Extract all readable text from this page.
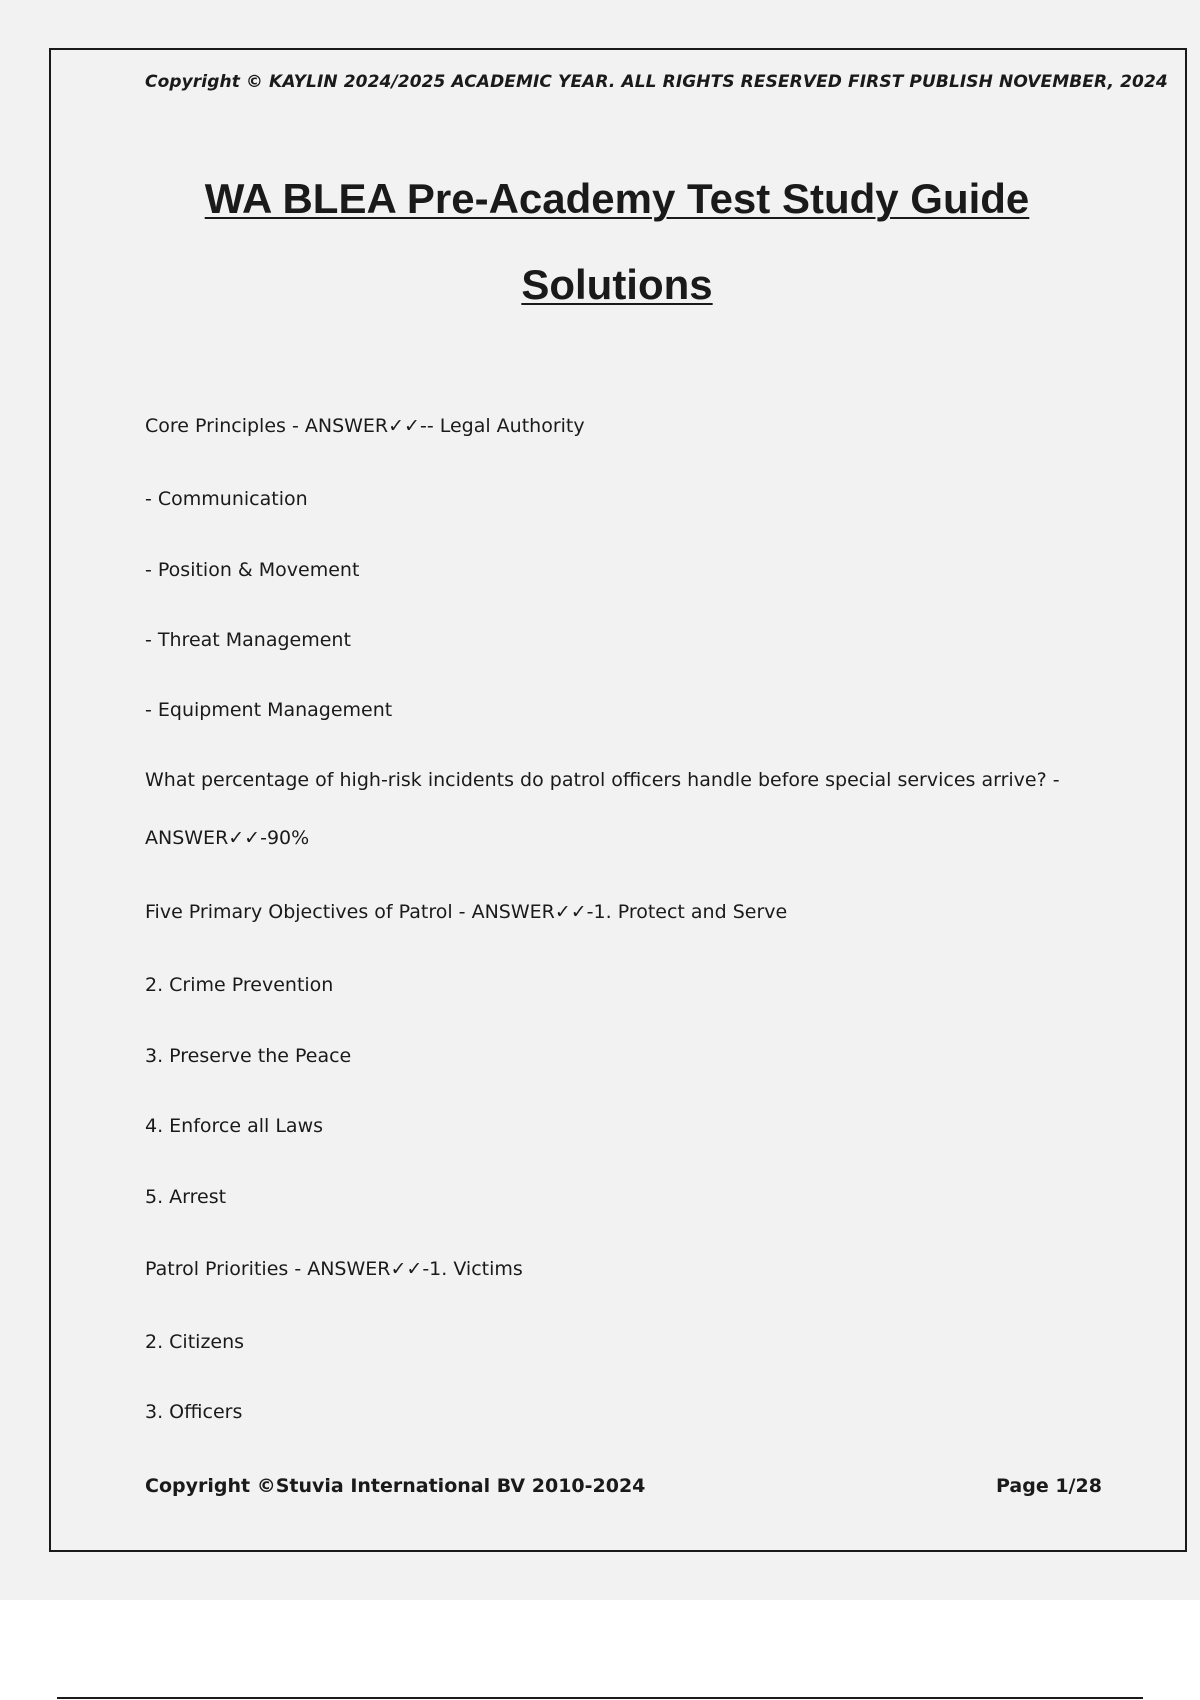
Copyright © KAYLIN 2024/2025 ACADEMIC YEAR. ALL RIGHTS RESERVED FIRST PUBLISH NOVEMBER, 2024
WA BLEA Pre-Academy Test Study Guide
Solutions
Core Principles - ANSWER✓✓-- Legal Authority
- Communication
- Position & Movement
- Threat Management
- Equipment Management
What percentage of high-risk incidents do patrol officers handle before special services arrive? -
ANSWER✓✓-90%
Five Primary Objectives of Patrol - ANSWER✓✓-1. Protect and Serve
2. Crime Prevention
3. Preserve the Peace
4. Enforce all Laws
5. Arrest
Patrol Priorities - ANSWER✓✓-1. Victims
2. Citizens
3. Officers
Copyright ©Stuvia International BV 2010-2024	Page 1/28
